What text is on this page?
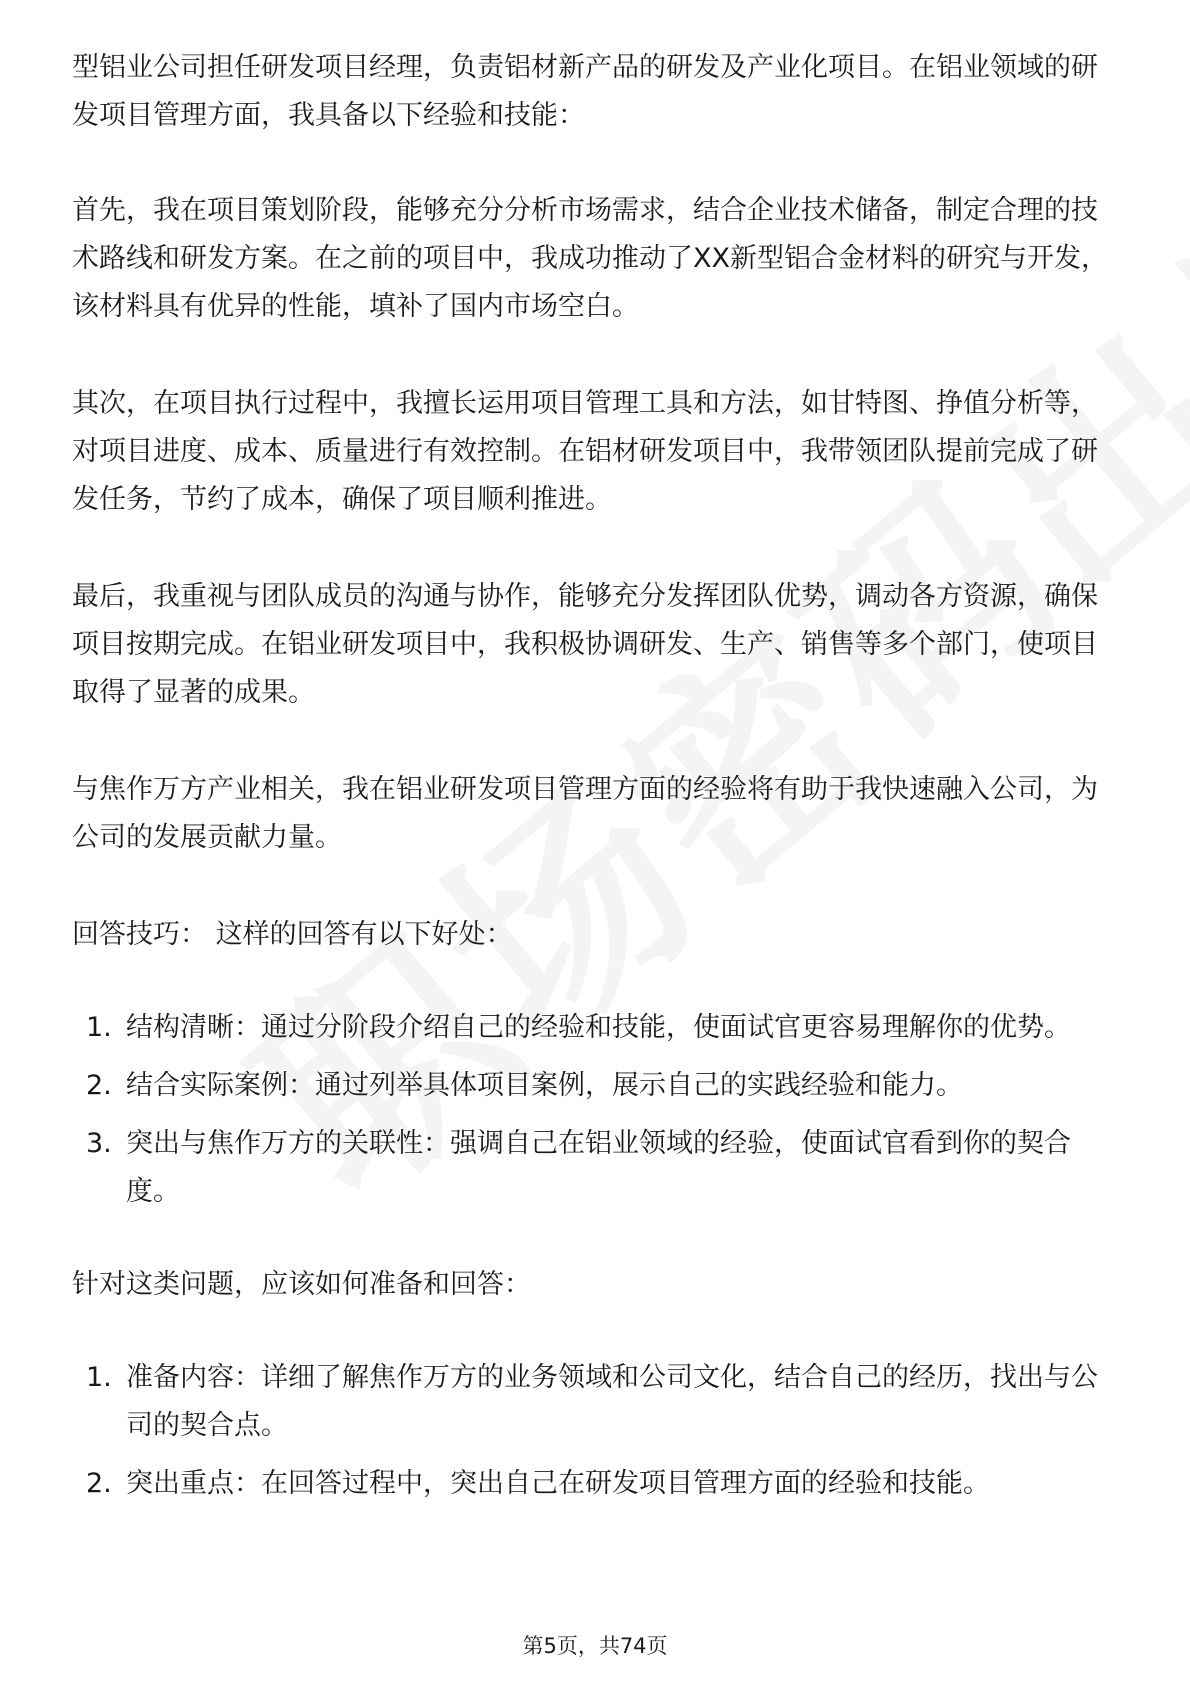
型铝业公司担任研发项目经理，负责铝材新产品的研发及产业化项目。在铝业领域的研发项目管理方面，我具备以下经验和技能：

首先，我在项目策划阶段，能够充分分析市场需求，结合企业技术储备，制定合理的技术路线和研发方案。在之前的项目中，我成功推动了XX新型铝合金材料的研究与开发，该材料具有优异的性能，填补了国内市场空白。

其次，在项目执行过程中，我擅长运用项目管理工具和方法，如甘特图、挣值分析等，对项目进度、成本、质量进行有效控制。在铝材研发项目中，我带领团队提前完成了研发任务，节约了成本，确保了项目顺利推进。

最后，我重视与团队成员的沟通与协作，能够充分发挥团队优势，调动各方资源，确保项目按期完成。在铝业研发项目中，我积极协调研发、生产、销售等多个部门，使项目取得了显著的成果。

与焦作万方产业相关，我在铝业研发项目管理方面的经验将有助于我快速融入公司，为公司的发展贡献力量。

回答技巧： 这样的回答有以下好处：

1. 结构清晰：通过分阶段介绍自己的经验和技能，使面试官更容易理解你的优势。
2. 结合实际案例：通过列举具体项目案例，展示自己的实践经验和能力。
3. 突出与焦作万方的关联性：强调自己在铝业领域的经验，使面试官看到你的契合度。

针对这类问题，应该如何准备和回答：

1. 准备内容：详细了解焦作万方的业务领域和公司文化，结合自己的经历，找出与公司的契合点。
2. 突出重点：在回答过程中，突出自己在研发项目管理方面的经验和技能。
第5页，共74页
